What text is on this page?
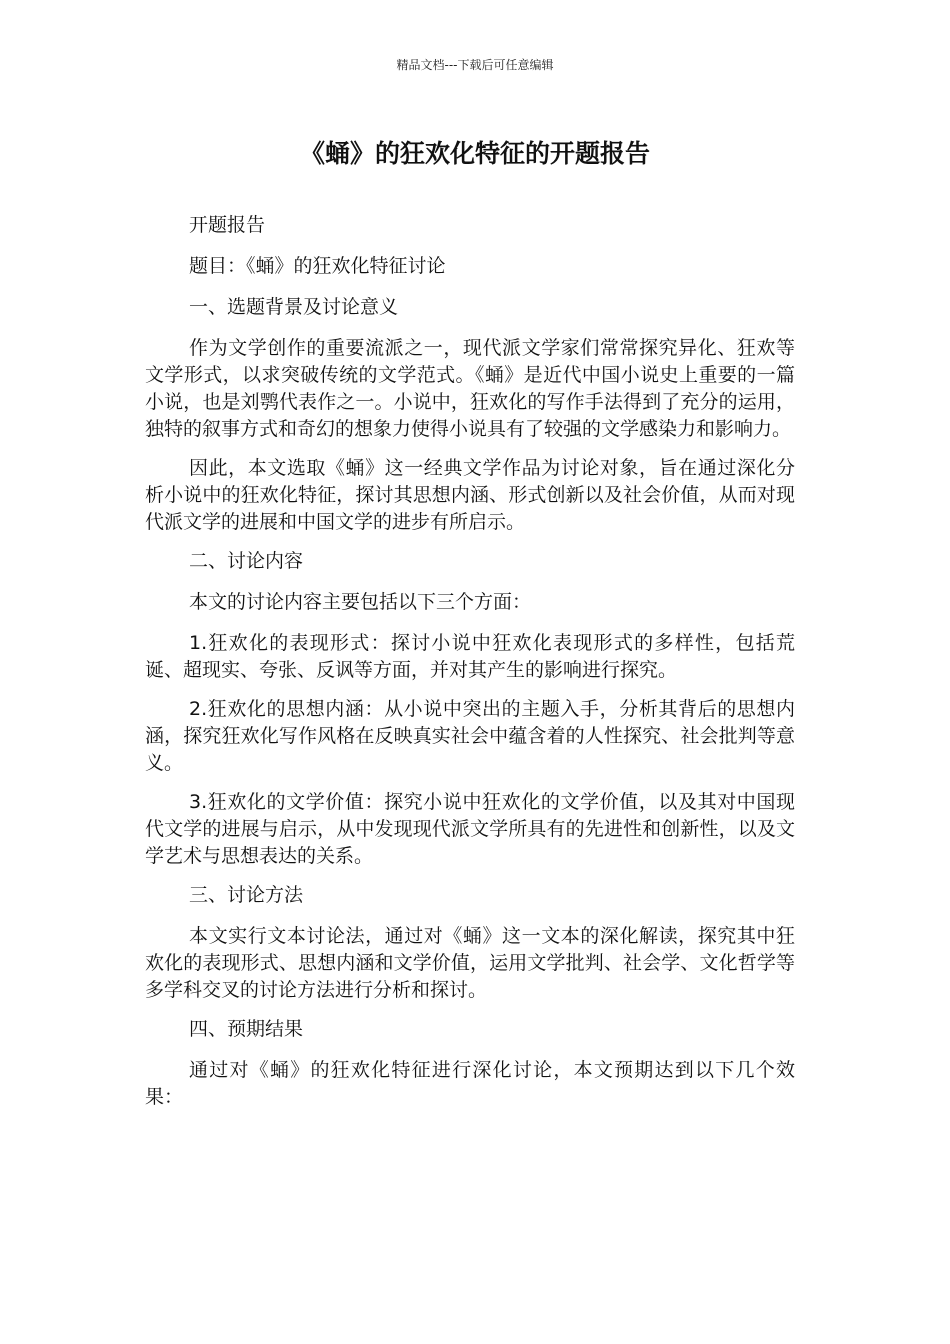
精品文档---下载后可任意编辑
《蛹》的狂欢化特征的开题报告

开题报告

题目：《蛹》的狂欢化特征讨论

一、选题背景及讨论意义

作为文学创作的重要流派之一，现代派文学家们常常探究异化、狂欢等文学形式，以求突破传统的文学范式。《蛹》是近代中国小说史上重要的一篇小说，也是刘鹗代表作之一。小说中，狂欢化的写作手法得到了充分的运用，独特的叙事方式和奇幻的想象力使得小说具有了较强的文学感染力和影响力。

因此，本文选取《蛹》这一经典文学作品为讨论对象，旨在通过深化分析小说中的狂欢化特征，探讨其思想内涵、形式创新以及社会价值，从而对现代派文学的进展和中国文学的进步有所启示。

二、讨论内容

本文的讨论内容主要包括以下三个方面：

1.狂欢化的表现形式：探讨小说中狂欢化表现形式的多样性，包括荒诞、超现实、夸张、反讽等方面，并对其产生的影响进行探究。

2.狂欢化的思想内涵：从小说中突出的主题入手，分析其背后的思想内涵，探究狂欢化写作风格在反映真实社会中蕴含着的人性探究、社会批判等意义。

3.狂欢化的文学价值：探究小说中狂欢化的文学价值，以及其对中国现代文学的进展与启示，从中发现现代派文学所具有的先进性和创新性，以及文学艺术与思想表达的关系。

三、讨论方法

本文实行文本讨论法，通过对《蛹》这一文本的深化解读，探究其中狂欢化的表现形式、思想内涵和文学价值，运用文学批判、社会学、文化哲学等多学科交叉的讨论方法进行分析和探讨。

四、预期结果

通过对《蛹》的狂欢化特征进行深化讨论，本文预期达到以下几个效果：
